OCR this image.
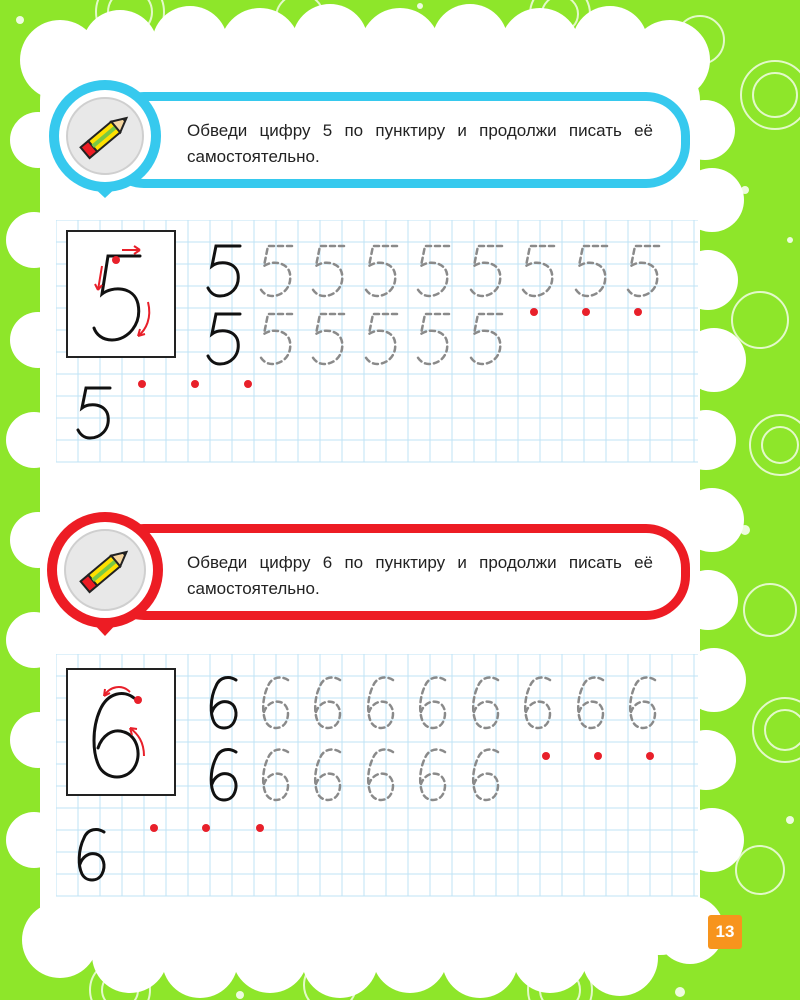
Обведи цифру 5 по пунктиру и продолжи писать её самостоятельно.
Обведи цифру 6 по пунктиру и продолжи писать её самостоятельно.
13
